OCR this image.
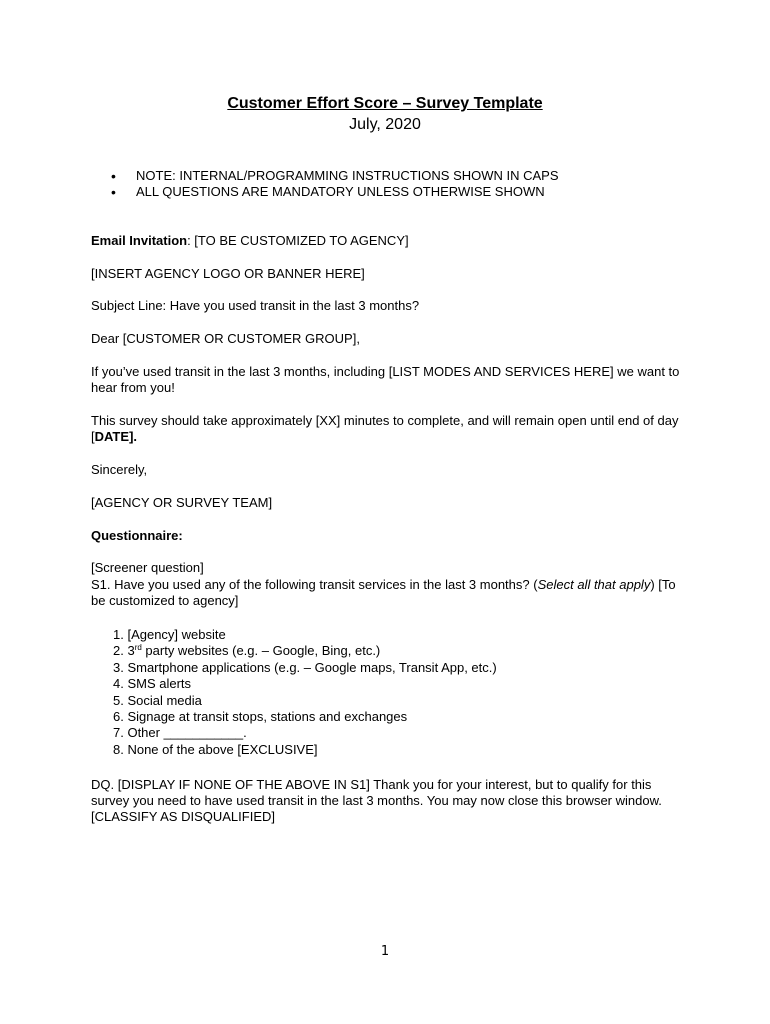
Customer Effort Score – Survey Template
July, 2020
• NOTE: INTERNAL/PROGRAMMING INSTRUCTIONS SHOWN IN CAPS
• ALL QUESTIONS ARE MANDATORY UNLESS OTHERWISE SHOWN

Email Invitation: [TO BE CUSTOMIZED TO AGENCY]

[INSERT AGENCY LOGO OR BANNER HERE]

Subject Line: Have you used transit in the last 3 months?

Dear [CUSTOMER OR CUSTOMER GROUP],

If you’ve used transit in the last 3 months, including [LIST MODES AND SERVICES HERE] we want to hear from you!

This survey should take approximately [XX] minutes to complete, and will remain open until end of day [DATE].

Sincerely,

[AGENCY OR SURVEY TEAM]

Questionnaire:

[Screener question]

S1. Have you used any of the following transit services in the last 3 months? (Select all that apply) [To be customized to agency]

1. [Agency] website
2. 3rd party websites (e.g. – Google, Bing, etc.)
3. Smartphone applications (e.g. – Google maps, Transit App, etc.)
4. SMS alerts
5. Social media
6. Signage at transit stops, stations and exchanges
7. Other ___________.
8. None of the above [EXCLUSIVE]

DQ. [DISPLAY IF NONE OF THE ABOVE IN S1] Thank you for your interest, but to qualify for this survey you need to have used transit in the last 3 months. You may now close this browser window. [CLASSIFY AS DISQUALIFIED]

1
